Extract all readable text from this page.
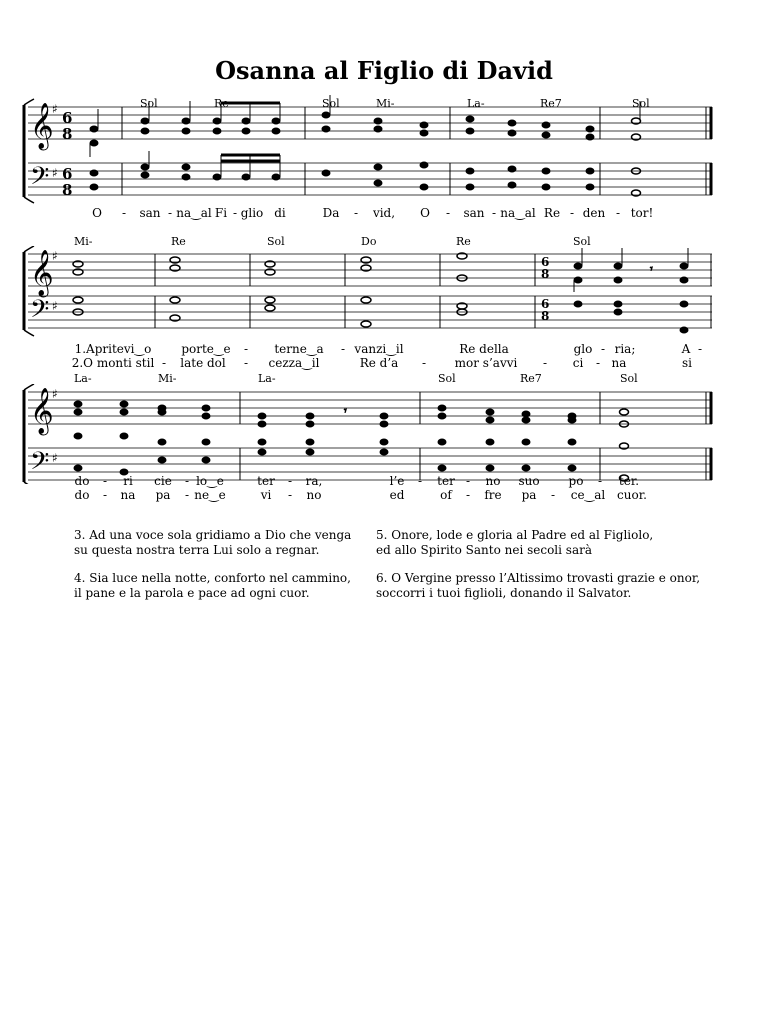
Osanna al Figlio di David
𝄞
𝄢
♯
♯
6
8
6
8
Sol	Re	Sol	Mi-	La-	Re7	Sol
O - san - na‿al Fi - glio di	Da - vid, O - san - na‿al Re - den - tor!
𝄞
𝄢
♯
♯
6
8
6
8
𝄾
Mi-	Re	Sol	Do	Re	Sol
1.Apritevi‿o porte‿e - terne‿a - vanzi‿il	Re della	glo - ria;	A -
2.O monti stil - late dol - cezza‿il	Re d’a - mor s’avvi - ci - na	si
𝄞
𝄢
♯
♯
𝄾
La-	Mi-	La-	Sol	Re7	Sol
do - ri cie - lo‿e	ter - ra,	l’e - ter - no suo po - ter.
do - na pa - ne‿e	vi - no	ed	of - fre pa - ce‿al cuor.
3. Ad una voce sola gridiamo a Dio che venga
su questa nostra terra Lui solo a regnar.
5. Onore, lode e gloria al Padre ed al Figliolo,
ed allo Spirito Santo nei secoli sarà
4. Sia luce nella notte, conforto nel cammino,
il pane e la parola e pace ad ogni cuor.
6. O Vergine presso l’Altissimo trovasti grazie e onor,
soccorri i tuoi figlioli, donando il Salvator.
